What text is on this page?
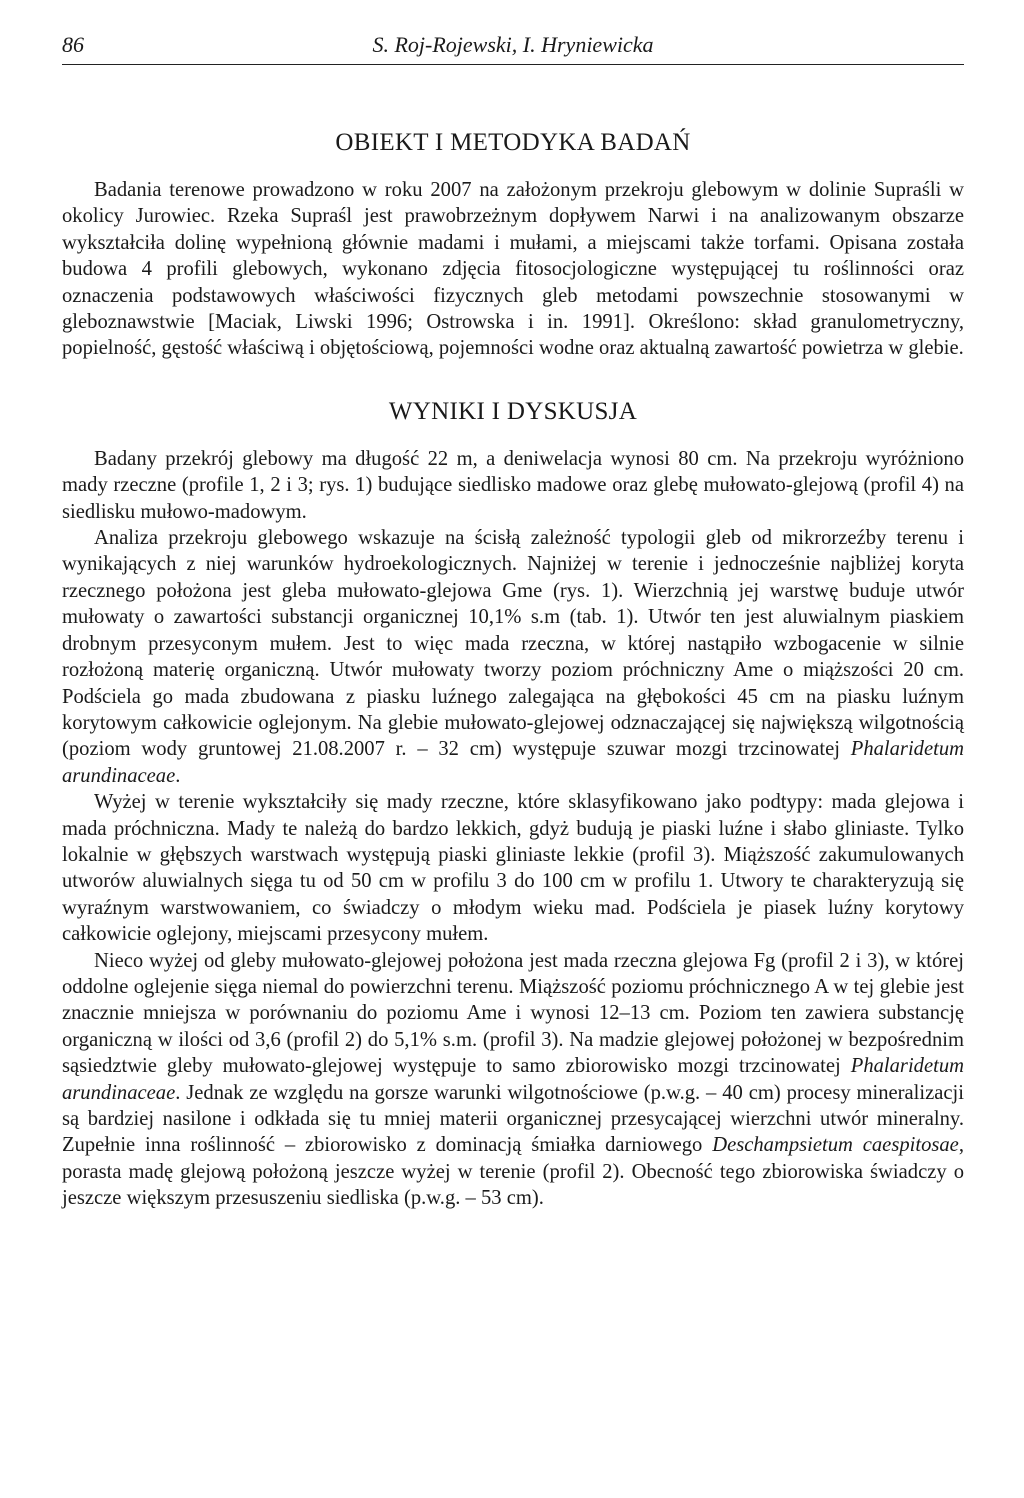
86	S. Roj-Rojewski, I. Hryniewicka
OBIEKT I METODYKA BADAŃ

Badania terenowe prowadzono w roku 2007 na założonym przekroju glebowym w dolinie Supraśli w okolicy Jurowiec. Rzeka Supraśl jest prawobrzeżnym dopływem Narwi i na analizowanym obszarze wykształciła dolinę wypełnioną głównie madami i mułami, a miejscami także torfami. Opisana została budowa 4 profili glebowych, wykonano zdjęcia fitosocjologiczne występującej tu roślinności oraz oznaczenia podstawowych właściwości fizycznych gleb metodami powszechnie stosowanymi w gleboznawstwie [Maciak, Liwski 1996; Ostrowska i in. 1991]. Określono: skład granulometryczny, popielność, gęstość właściwą i objętościową, pojemności wodne oraz aktualną zawartość powietrza w glebie.

WYNIKI I DYSKUSJA

Badany przekrój glebowy ma długość 22 m, a deniwelacja wynosi 80 cm. Na przekroju wyróżniono mady rzeczne (profile 1, 2 i 3; rys. 1) budujące siedlisko madowe oraz glebę mułowato-glejową (profil 4) na siedlisku mułowo-madowym.

Analiza przekroju glebowego wskazuje na ścisłą zależność typologii gleb od mikrorzeźby terenu i wynikających z niej warunków hydroekologicznych. Najniżej w terenie i jednocześnie najbliżej koryta rzecznego położona jest gleba mułowato-glejowa Gme (rys. 1). Wierzchnią jej warstwę buduje utwór mułowaty o zawartości substancji organicznej 10,1% s.m (tab. 1). Utwór ten jest aluwialnym piaskiem drobnym przesyconym mułem. Jest to więc mada rzeczna, w której nastąpiło wzbogacenie w silnie rozłożoną materię organiczną. Utwór mułowaty tworzy poziom próchniczny Ame o miąższości 20 cm. Podściela go mada zbudowana z piasku luźnego zalegająca na głębokości 45 cm na piasku luźnym korytowym całkowicie oglejonym. Na glebie mułowato-glejowej odznaczającej się największą wilgotnością (poziom wody gruntowej 21.08.2007 r. – 32 cm) występuje szuwar mozgi trzcinowatej Phalaridetum arundinaceae.

Wyżej w terenie wykształciły się mady rzeczne, które sklasyfikowano jako podtypy: mada glejowa i mada próchniczna. Mady te należą do bardzo lekkich, gdyż budują je piaski luźne i słabo gliniaste. Tylko lokalnie w głębszych warstwach występują piaski gliniaste lekkie (profil 3). Miąższość zakumulowanych utworów aluwialnych sięga tu od 50 cm w profilu 3 do 100 cm w profilu 1. Utwory te charakteryzują się wyraźnym warstwowaniem, co świadczy o młodym wieku mad. Podściela je piasek luźny korytowy całkowicie oglejony, miejscami przesycony mułem.

Nieco wyżej od gleby mułowato-glejowej położona jest mada rzeczna glejowa Fg (profil 2 i 3), w której oddolne oglejenie sięga niemal do powierzchni terenu. Miąższość poziomu próchnicznego A w tej glebie jest znacznie mniejsza w porównaniu do poziomu Ame i wynosi 12–13 cm. Poziom ten zawiera substancję organiczną w ilości od 3,6 (profil 2) do 5,1% s.m. (profil 3). Na madzie glejowej położonej w bezpośrednim sąsiedztwie gleby mułowato-glejowej występuje to samo zbiorowisko mozgi trzcinowatej Phalaridetum arundinaceae. Jednak ze względu na gorsze warunki wilgotnościowe (p.w.g. – 40 cm) procesy mineralizacji są bardziej nasilone i odkłada się tu mniej materii organicznej przesycającej wierzchni utwór mineralny. Zupełnie inna roślinność – zbiorowisko z dominacją śmiałka darniowego Deschampsietum caespitosae, porasta madę glejową położoną jeszcze wyżej w terenie (profil 2). Obecność tego zbiorowiska świadczy o jeszcze większym przesuszeniu siedliska (p.w.g. – 53 cm).
